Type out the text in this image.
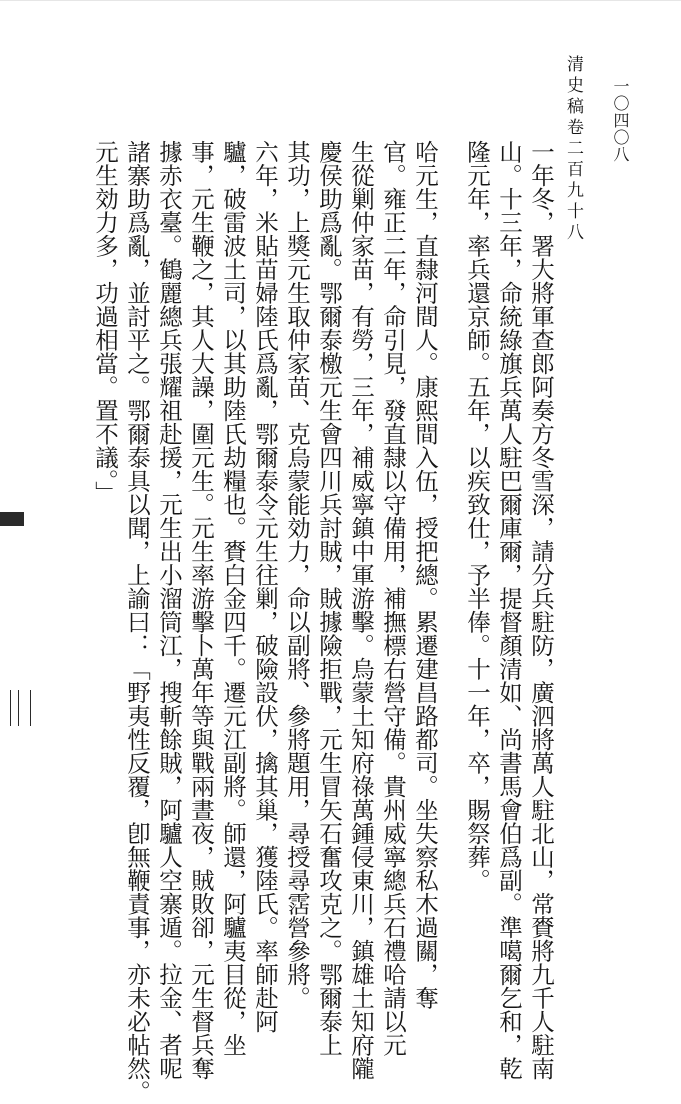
清史稿卷二百九十八 一〇四〇八
一年冬，署大將軍查郎阿奏方冬雪深，請分兵駐防，廣泗將萬人駐北山，常賚將九千人駐南
山。十三年，命統綠旗兵萬人駐巴爾庫爾，提督顏清如、尚書馬會伯爲副。準噶爾乞和，乾
隆元年，率兵還京師。五年，以疾致仕，予半俸。十一年，卒，賜祭葬。
哈元生，直隸河間人。康熙間入伍，授把總。累遷建昌路都司。坐失察私木過關，奪
官。雍正二年，命引見，發直隸以守備用，補撫標右營守備。貴州威寧總兵石禮哈請以元
生從剿仲家苗，有勞，三年，補威寧鎮中軍游擊。烏蒙土知府祿萬鍾侵東川，鎮雄土知府隴
慶侯助爲亂。鄂爾泰檄元生會四川兵討賊，賊據險拒戰，元生冒矢石奮攻克之。鄂爾泰上
其功，上獎元生取仲家苗、克烏蒙能効力，命以副將、參將題用，尋授尋霑營參將。
六年，米貼苗婦陸氏爲亂，鄂爾泰令元生往剿，破險設伏，擒其巢，獲陸氏。率師赴阿
驢，破雷波土司，以其助陸氏劫糧也。賚白金四千。遷元江副將。師還，阿驢夷目從，坐
事，元生鞭之，其人大譟，圍元生。元生率游擊卜萬年等與戰兩晝夜，賊敗卻，元生督兵奪
據赤衣臺。鶴麗總兵張耀祖赴援，元生出小溜筒江，搜斬餘賊，阿驢人空寨遁。拉金、者呢
諸寨助爲亂，並討平之。鄂爾泰具以聞，上諭曰：「野夷性反覆，卽無鞭責事，亦未必帖然。
元生効力多，功過相當。置不議。」
